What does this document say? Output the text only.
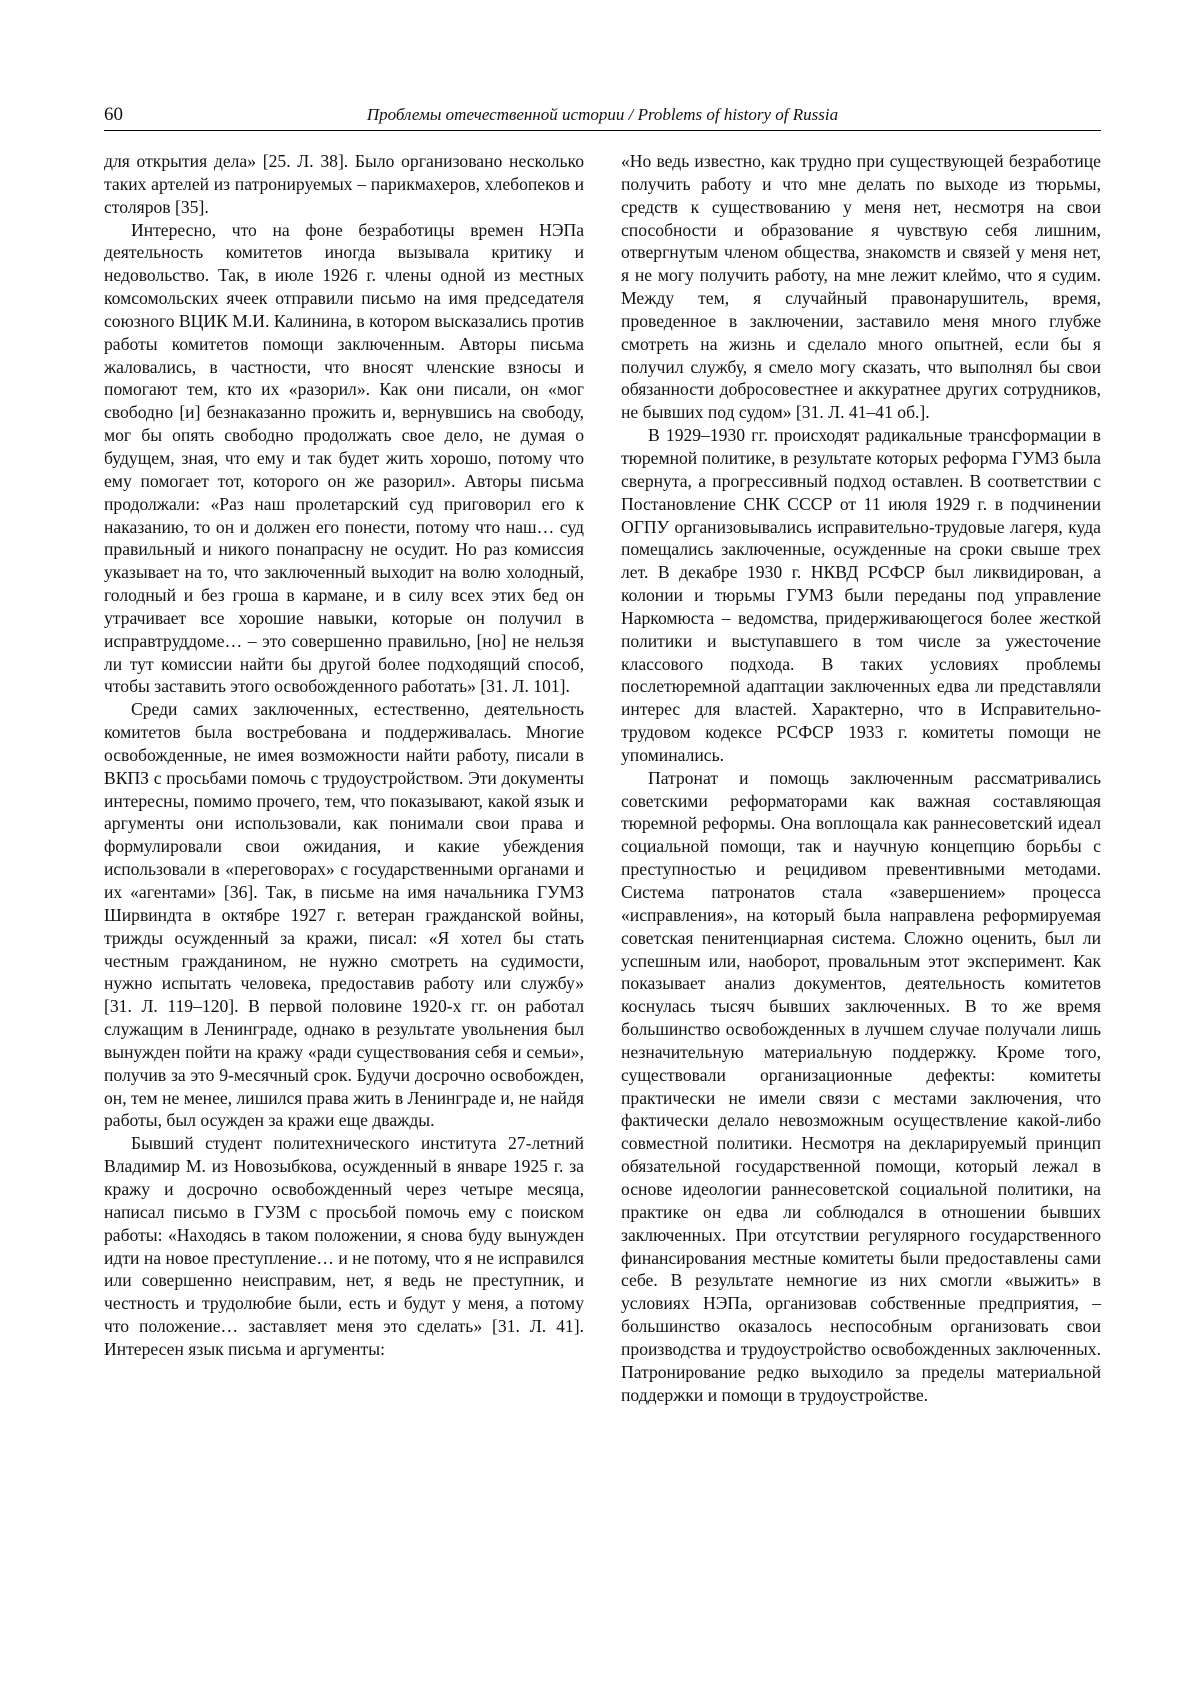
60	Проблемы отечественной истории / Problems of history of Russia

для открытия дела» [25. Л. 38]. Было организовано несколько таких артелей из патронируемых – парикмахеров, хлебопеков и столяров [35].

Интересно, что на фоне безработицы времен НЭПа деятельность комитетов иногда вызывала критику и недовольство. Так, в июле 1926 г. члены одной из местных комсомольских ячеек отправили письмо на имя председателя союзного ВЦИК М.И. Калинина, в котором высказались против работы комитетов помощи заключенным. Авторы письма жаловались, в частности, что вносят членские взносы и помогают тем, кто их «разорил». Как они писали, он «мог свободно [и] безнаказанно прожить и, вернувшись на свободу, мог бы опять свободно продолжать свое дело, не думая о будущем, зная, что ему и так будет жить хорошо, потому что ему помогает тот, которого он же разорил». Авторы письма продолжали: «Раз наш пролетарский суд приговорил его к наказанию, то он и должен его понести, потому что наш… суд правильный и никого понапрасну не осудит. Но раз комиссия указывает на то, что заключенный выходит на волю холодный, голодный и без гроша в кармане, и в силу всех этих бед он утрачивает все хорошие навыки, которые он получил в исправтруддоме… – это совершенно правильно, [но] не нельзя ли тут комиссии найти бы другой более подходящий способ, чтобы заставить этого освобожденного работать» [31. Л. 101].

Среди самих заключенных, естественно, деятельность комитетов была востребована и поддерживалась. Многие освобожденные, не имея возможности найти работу, писали в ВКПЗ с просьбами помочь с трудоустройством. Эти документы интересны, помимо прочего, тем, что показывают, какой язык и аргументы они использовали, как понимали свои права и формулировали свои ожидания, и какие убеждения использовали в «переговорах» с государственными органами и их «агентами» [36]. Так, в письме на имя начальника ГУМЗ Ширвиндта в октябре 1927 г. ветеран гражданской войны, трижды осужденный за кражи, писал: «Я хотел бы стать честным гражданином, не нужно смотреть на судимости, нужно испытать человека, предоставив работу или службу» [31. Л. 119–120]. В первой половине 1920-х гг. он работал служащим в Ленинграде, однако в результате увольнения был вынужден пойти на кражу «ради существования себя и семьи», получив за это 9-месячный срок. Будучи досрочно освобожден, он, тем не менее, лишился права жить в Ленинграде и, не найдя работы, был осужден за кражи еще дважды.

Бывший студент политехнического института 27-летний Владимир М. из Новозыбкова, осужденный в январе 1925 г. за кражу и досрочно освобожденный через четыре месяца, написал письмо в ГУЗМ с просьбой помочь ему с поиском работы: «Находясь в таком положении, я снова буду вынужден идти на новое преступление… и не потому, что я не исправился или совершенно неисправим, нет, я ведь не преступник, и честность и трудолюбие были, есть и будут у меня, а потому что положение… заставляет меня это сделать» [31. Л. 41]. Интересен язык письма и аргументы:

«Но ведь известно, как трудно при существующей безработице получить работу и что мне делать по выходе из тюрьмы, средств к существованию у меня нет, несмотря на свои способности и образование я чувствую себя лишним, отвергнутым членом общества, знакомств и связей у меня нет, я не могу получить работу, на мне лежит клеймо, что я судим. Между тем, я случайный правонарушитель, время, проведенное в заключении, заставило меня много глубже смотреть на жизнь и сделало много опытней, если бы я получил службу, я смело могу сказать, что выполнял бы свои обязанности добросовестнее и аккуратнее других сотрудников, не бывших под судом» [31. Л. 41–41 об.].

В 1929–1930 гг. происходят радикальные трансформации в тюремной политике, в результате которых реформа ГУМЗ была свернута, а прогрессивный подход оставлен. В соответствии с Постановление СНК СССР от 11 июля 1929 г. в подчинении ОГПУ организовывались исправительно-трудовые лагеря, куда помещались заключенные, осужденные на сроки свыше трех лет. В декабре 1930 г. НКВД РСФСР был ликвидирован, а колонии и тюрьмы ГУМЗ были переданы под управление Наркомюста – ведомства, придерживающегося более жесткой политики и выступавшего в том числе за ужесточение классового подхода. В таких условиях проблемы послетюремной адаптации заключенных едва ли представляли интерес для властей. Характерно, что в Исправительно-трудовом кодексе РСФСР 1933 г. комитеты помощи не упоминались.

Патронат и помощь заключенным рассматривались советскими реформаторами как важная составляющая тюремной реформы. Она воплощала как раннесоветский идеал социальной помощи, так и научную концепцию борьбы с преступностью и рецидивом превентивными методами. Система патронатов стала «завершением» процесса «исправления», на который была направлена реформируемая советская пенитенциарная система. Сложно оценить, был ли успешным или, наоборот, провальным этот эксперимент. Как показывает анализ документов, деятельность комитетов коснулась тысяч бывших заключенных. В то же время большинство освобожденных в лучшем случае получали лишь незначительную материальную поддержку. Кроме того, существовали организационные дефекты: комитеты практически не имели связи с местами заключения, что фактически делало невозможным осуществление какой-либо совместной политики. Несмотря на декларируемый принцип обязательной государственной помощи, который лежал в основе идеологии раннесоветской социальной политики, на практике он едва ли соблюдался в отношении бывших заключенных. При отсутствии регулярного государственного финансирования местные комитеты были предоставлены сами себе. В результате немногие из них смогли «выжить» в условиях НЭПа, организовав собственные предприятия, – большинство оказалось неспособным организовать свои производства и трудоустройство освобожденных заключенных. Патронирование редко выходило за пределы материальной поддержки и помощи в трудоустройстве.
